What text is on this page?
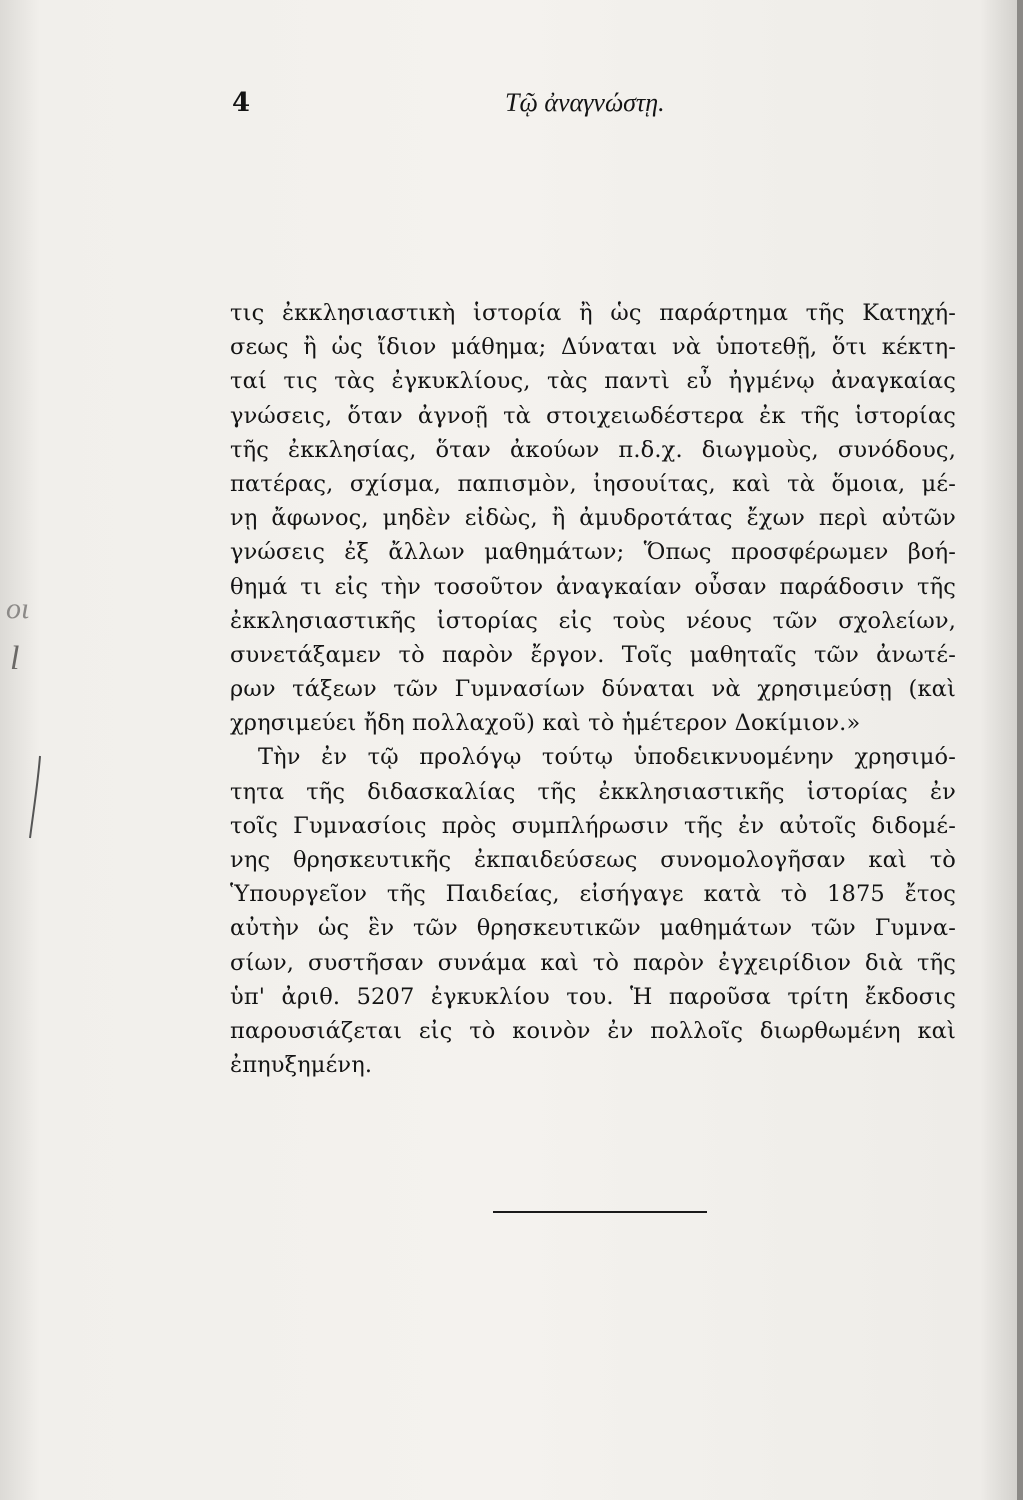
οι
l
4	Τῷ ἀναγνώστῃ.
τις ἐκκλησιαστικὴ ἱστορία ἢ ὡς παράρτημα τῆς Κατηχή-
σεως ἢ ὡς ἴδιον μάθημα; Δύναται νὰ ὑποτεθῇ, ὅτι κέκτη-
ταί τις τὰς ἐγκυκλίους, τὰς παντὶ εὖ ἠγμένῳ ἀναγκαίας
γνώσεις, ὅταν ἀγνοῇ τὰ στοιχειωδέστερα ἐκ τῆς ἱστορίας
τῆς ἐκκλησίας, ὅταν ἀκούων π.δ.χ. διωγμοὺς, συνόδους,
πατέρας, σχίσμα, παπισμὸν, ἰησουίτας, καὶ τὰ ὅμοια, μέ-
νῃ ἄφωνος, μηδὲν εἰδὼς, ἢ ἀμυδροτάτας ἔχων περὶ αὐτῶν
γνώσεις ἐξ ἄλλων μαθημάτων; Ὅπως προσφέρωμεν βοή-
θημά τι εἰς τὴν τοσοῦτον ἀναγκαίαν οὖσαν παράδοσιν τῆς
ἐκκλησιαστικῆς ἱστορίας εἰς τοὺς νέους τῶν σχολείων,
συνετάξαμεν τὸ παρὸν ἔργον. Τοῖς μαθηταῖς τῶν ἀνωτέ-
ρων τάξεων τῶν Γυμνασίων δύναται νὰ χρησιμεύσῃ (καὶ
χρησιμεύει ἤδη πολλαχοῦ) καὶ τὸ ἡμέτερον Δοκίμιον.»
Τὴν ἐν τῷ προλόγῳ τούτῳ ὑποδεικνυομένην χρησιμό-
τητα τῆς διδασκαλίας τῆς ἐκκλησιαστικῆς ἱστορίας ἐν
τοῖς Γυμνασίοις πρὸς συμπλήρωσιν τῆς ἐν αὐτοῖς διδομέ-
νης θρησκευτικῆς ἐκπαιδεύσεως συνομολογῆσαν καὶ τὸ
Ὑπουργεῖον τῆς Παιδείας, εἰσήγαγε κατὰ τὸ 1875 ἔτος
αὐτὴν ὡς ἓν τῶν θρησκευτικῶν μαθημάτων τῶν Γυμνα-
σίων, συστῆσαν συνάμα καὶ τὸ παρὸν ἐγχειρίδιον διὰ τῆς
ὑπ' ἀριθ. 5207 ἐγκυκλίου του. Ἡ παροῦσα τρίτη ἔκδοσις
παρουσιάζεται εἰς τὸ κοινὸν ἐν πολλοῖς διωρθωμένη καὶ
ἐπηυξημένη.
